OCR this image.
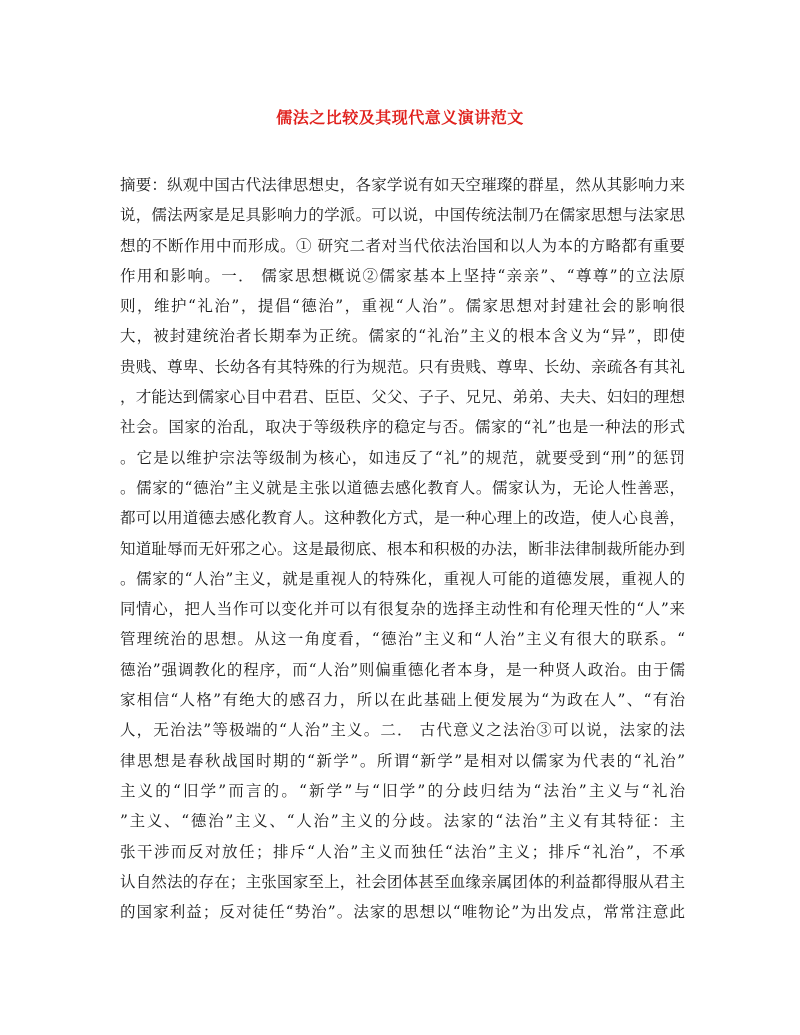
儒法之比较及其现代意义演讲范文
摘要：纵观中国古代法律思想史，各家学说有如天空璀璨的群星，然从其影响力来
说，儒法两家是足具影响力的学派。可以说，中国传统法制乃在儒家思想与法家思
想的不断作用中而形成。① 研究二者对当代依法治国和以人为本的方略都有重要
作用和影响。一． 儒家思想概说②儒家基本上坚持“亲亲”、“尊尊”的立法原
则，维护“礼治”，提倡“德治”，重视“人治”。儒家思想对封建社会的影响很
大，被封建统治者长期奉为正统。儒家的“礼治”主义的根本含义为“异”，即使
贵贱、尊卑、长幼各有其特殊的行为规范。只有贵贱、尊卑、长幼、亲疏各有其礼
，才能达到儒家心目中君君、臣臣、父父、子子、兄兄、弟弟、夫夫、妇妇的理想
社会。国家的治乱，取决于等级秩序的稳定与否。儒家的“礼”也是一种法的形式
。它是以维护宗法等级制为核心，如违反了“礼”的规范，就要受到“刑”的惩罚
。儒家的“德治”主义就是主张以道德去感化教育人。儒家认为，无论人性善恶，
都可以用道德去感化教育人。这种教化方式，是一种心理上的改造，使人心良善，
知道耻辱而无奸邪之心。这是最彻底、根本和积极的办法，断非法律制裁所能办到
。儒家的“人治”主义，就是重视人的特殊化，重视人可能的道德发展，重视人的
同情心，把人当作可以变化并可以有很复杂的选择主动性和有伦理天性的“人”来
管理统治的思想。从这一角度看，“德治”主义和“人治”主义有很大的联系。“
德治”强调教化的程序，而“人治”则偏重德化者本身，是一种贤人政治。由于儒
家相信“人格”有绝大的感召力，所以在此基础上便发展为“为政在人”、“有治
人，无治法”等极端的“人治”主义。二． 古代意义之法治③可以说，法家的法
律思想是春秋战国时期的“新学”。所谓“新学”是相对以儒家为代表的“礼治”
主义的“旧学”而言的。“新学”与“旧学”的分歧归结为“法治”主义与“礼治
”主义、“德治”主义、“人治”主义的分歧。法家的“法治”主义有其特征：主
张干涉而反对放任；排斥“人治”主义而独任“法治”主义；排斥“礼治”，不承
认自然法的存在；主张国家至上，社会团体甚至血缘亲属团体的利益都得服从君主
的国家利益；反对徒任“势治”。法家的思想以“唯物论”为出发点，常常注意此
